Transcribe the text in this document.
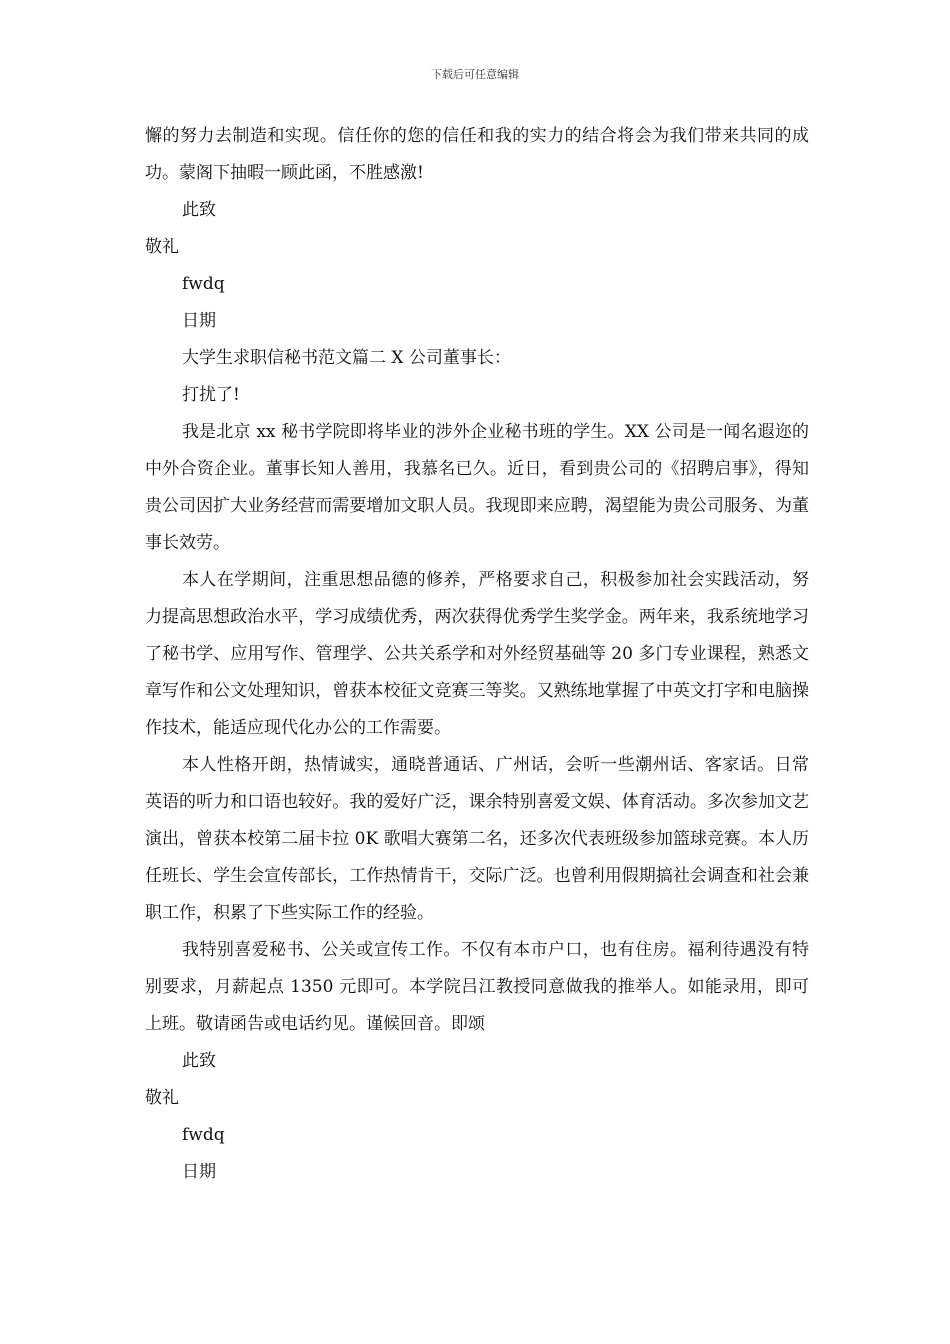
下载后可任意编辑

懈的努力去制造和实现。信任你的您的信任和我的实力的结合将会为我们带来共同的成功。蒙阁下抽暇一顾此函，不胜感激!

此致

敬礼

fwdq

日期

大学生求职信秘书范文篇二 X 公司董事长：

打扰了!

我是北京 xx 秘书学院即将毕业的涉外企业秘书班的学生。XX 公司是一闻名遐迩的中外合资企业。董事长知人善用，我慕名已久。近日，看到贵公司的《招聘启事》，得知贵公司因扩大业务经营而需要增加文职人员。我现即来应聘，渴望能为贵公司服务、为董事长效劳。

本人在学期间，注重思想品德的修养，严格要求自己，积极参加社会实践活动，努力提高思想政治水平，学习成绩优秀，两次获得优秀学生奖学金。两年来，我系统地学习了秘书学、应用写作、管理学、公共关系学和对外经贸基础等 20 多门专业课程，熟悉文章写作和公文处理知识，曾获本校征文竞赛三等奖。又熟练地掌握了中英文打字和电脑操作技术，能适应现代化办公的工作需要。

本人性格开朗，热情诚实，通晓普通话、广州话，会听一些潮州话、客家话。日常英语的听力和口语也较好。我的爱好广泛，课余特别喜爱文娱、体育活动。多次参加文艺演出，曾获本校第二届卡拉 0K 歌唱大赛第二名，还多次代表班级参加篮球竞赛。本人历任班长、学生会宣传部长，工作热情肯干，交际广泛。也曾利用假期搞社会调查和社会兼职工作，积累了下些实际工作的经验。

我特别喜爱秘书、公关或宣传工作。不仅有本市户口，也有住房。福利待遇没有特别要求，月薪起点 1350 元即可。本学院吕江教授同意做我的推举人。如能录用，即可上班。敬请函告或电话约见。谨候回音。即颂

此致

敬礼

fwdq

日期
